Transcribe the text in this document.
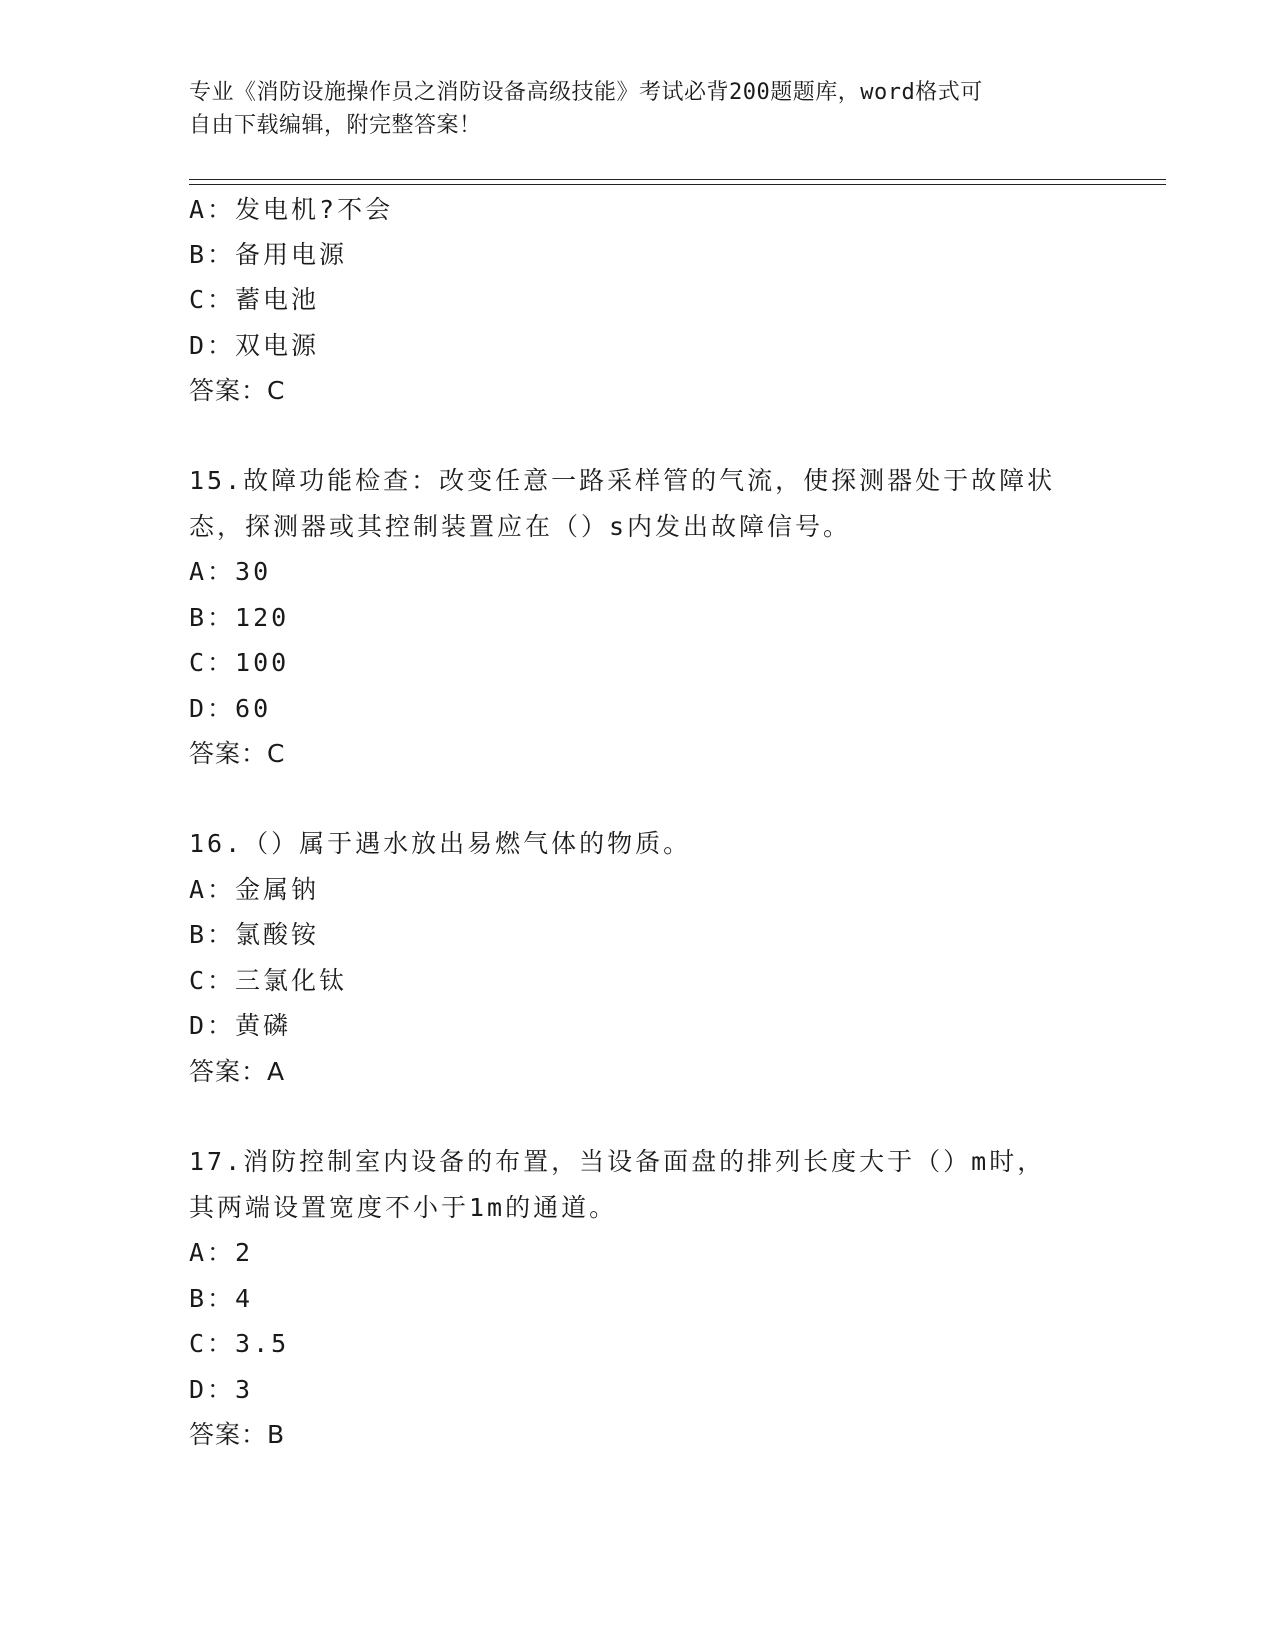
专业《消防设施操作员之消防设备高级技能》考试必背200题题库，word格式可
自由下载编辑，附完整答案！
A：发电机?不会
B：备用电源
C：蓄电池
D：双电源
答案：C
15.故障功能检查：改变任意一路采样管的气流，使探测器处于故障状
态，探测器或其控制装置应在（）s内发出故障信号。
A：30
B：120
C：100
D：60
答案：C
16.（）属于遇水放出易燃气体的物质。
A：金属钠
B：氯酸铵
C：三氯化钛
D：黄磷
答案：A
17.消防控制室内设备的布置，当设备面盘的排列长度大于（）m时，
其两端设置宽度不小于1m的通道。
A：2
B：4
C：3.5
D：3
答案：B
